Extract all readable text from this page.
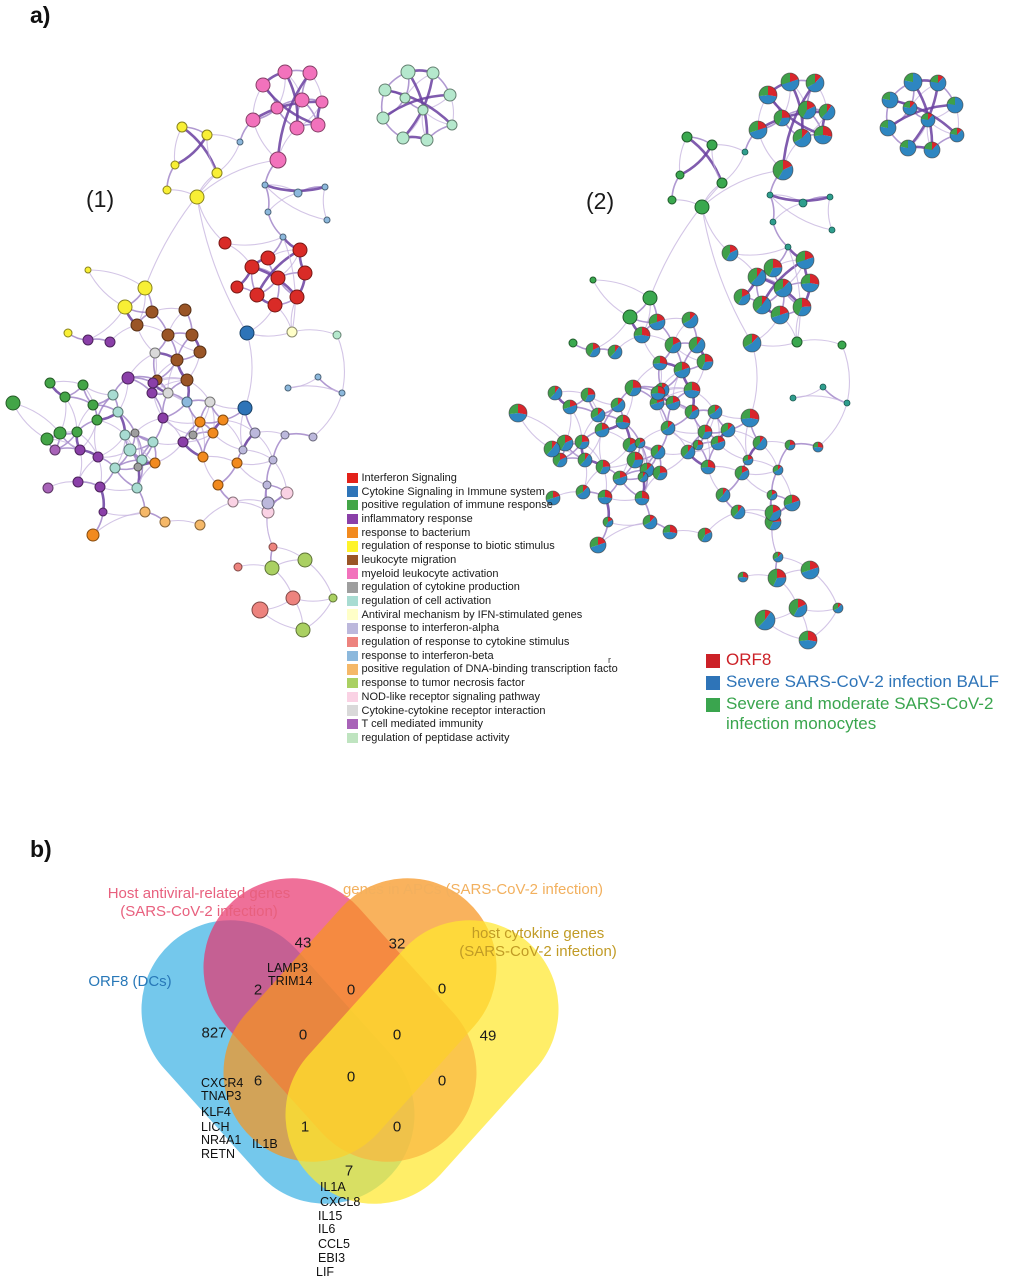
a)
b)
(1)	(2)
Interferon Signaling
Cytokine Signaling in Immune system
positive regulation of immune response
inflammatory response
response to bacterium
regulation of response to biotic stimulus
leukocyte migration
myeloid leukocyte activation
regulation of cytokine production
regulation of cell activation
Antiviral mechanism by IFN-stimulated genes
response to interferon-alpha
regulation of response to cytokine stimulus
response to interferon-beta
positive regulation of DNA-binding transcription facto
response to tumor necrosis factor
NOD-like receptor signaling pathway
Cytokine-cytokine receptor interaction
T cell mediated immunity
regulation of peptidase activity
r	ORF8
Severe SARS-CoV-2 infection BALF
Severe and moderate SARS-CoV-2
infection monocytes
ORF8 (DCs)
Host antiviral-related genes
(SARS-CoV-2 infection)
genes in APCs (SARS-CoV-2 infection)
host cytokine genes
(SARS-CoV-2 infection)
43	32
2	0	0
827	0	0	49
6	0	0
1	0
7
LAMP3
TRIM14
CXCR4
TNAP3
KLF4
LICH
NR4A1
RETN
IL1B
IL1A
CXCL8
IL15
IL6
CCL5
EBI3
LIF
